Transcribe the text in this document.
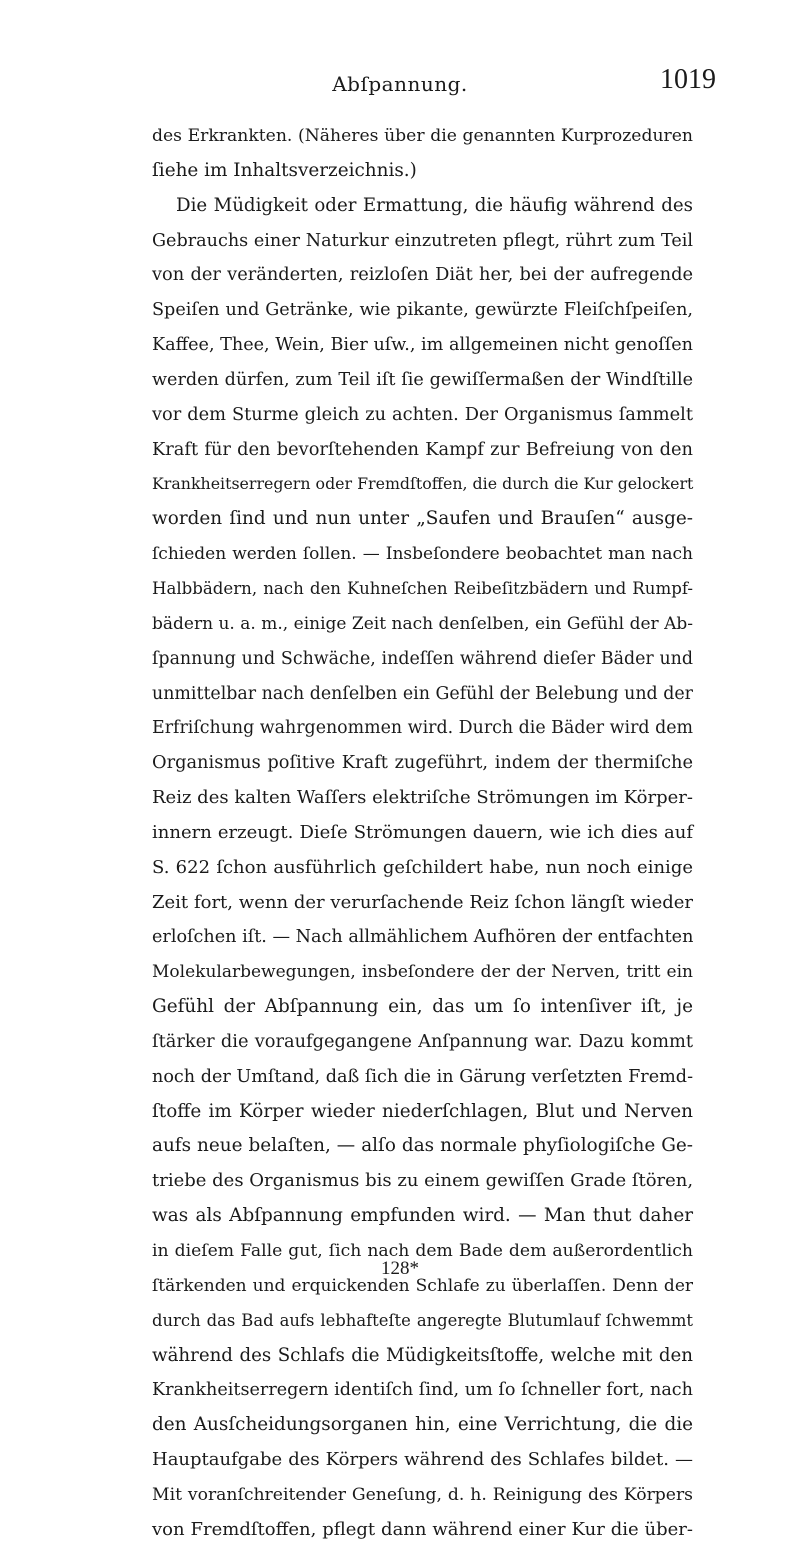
Abſpannung.	1019
des Erkrankten. (Näheres über die genannten Kurprozeduren
ſiehe im Inhaltsverzeichnis.)
Die Müdigkeit oder Ermattung, die häufig während des
Gebrauchs einer Naturkur einzutreten pflegt, rührt zum Teil
von der veränderten, reizloſen Diät her, bei der aufregende
Speiſen und Getränke, wie pikante, gewürzte Fleiſchſpeiſen,
Kaffee, Thee, Wein, Bier uſw., im allgemeinen nicht genoſſen
werden dürfen, zum Teil iſt ſie gewiſſermaßen der Windſtille
vor dem Sturme gleich zu achten. Der Organismus ſammelt
Kraft für den bevorſtehenden Kampf zur Befreiung von den
Krankheitserregern oder Fremdſtoffen, die durch die Kur gelockert
worden ſind und nun unter „Saufen und Brauſen“ ausge-
ſchieden werden ſollen. — Insbeſondere beobachtet man nach
Halbbädern, nach den Kuhneſchen Reibeſitzbädern und Rumpf-
bädern u. a. m., einige Zeit nach denſelben, ein Gefühl der Ab-
ſpannung und Schwäche, indeſſen während dieſer Bäder und
unmittelbar nach denſelben ein Gefühl der Belebung und der
Erfriſchung wahrgenommen wird. Durch die Bäder wird dem
Organismus poſitive Kraft zugeführt, indem der thermiſche
Reiz des kalten Waſſers elektriſche Strömungen im Körper-
innern erzeugt. Dieſe Strömungen dauern, wie ich dies auf
S. 622 ſchon ausführlich geſchildert habe, nun noch einige
Zeit fort, wenn der verurſachende Reiz ſchon längſt wieder
erloſchen iſt. — Nach allmählichem Aufhören der entfachten
Molekularbewegungen, insbeſondere der der Nerven, tritt ein
Gefühl der Abſpannung ein, das um ſo intenſiver iſt, je
ſtärker die voraufgegangene Anſpannung war. Dazu kommt
noch der Umſtand, daß ſich die in Gärung verſetzten Fremd-
ſtoffe im Körper wieder niederſchlagen, Blut und Nerven
aufs neue belaſten, — alſo das normale phyſiologiſche Ge-
triebe des Organismus bis zu einem gewiſſen Grade ſtören,
was als Abſpannung empfunden wird. — Man thut daher
in dieſem Falle gut, ſich nach dem Bade dem außerordentlich
ſtärkenden und erquickenden Schlafe zu überlaſſen. Denn der
durch das Bad aufs lebhafteſte angeregte Blutumlauf ſchwemmt
während des Schlafs die Müdigkeitsſtoffe, welche mit den
Krankheitserregern identiſch ſind, um ſo ſchneller fort, nach
den Ausſcheidungsorganen hin, eine Verrichtung, die die
Hauptaufgabe des Körpers während des Schlafes bildet. —
Mit voranſchreitender Geneſung, d. h. Reinigung des Körpers
von Fremdſtoffen, pflegt dann während einer Kur die über-
128*
